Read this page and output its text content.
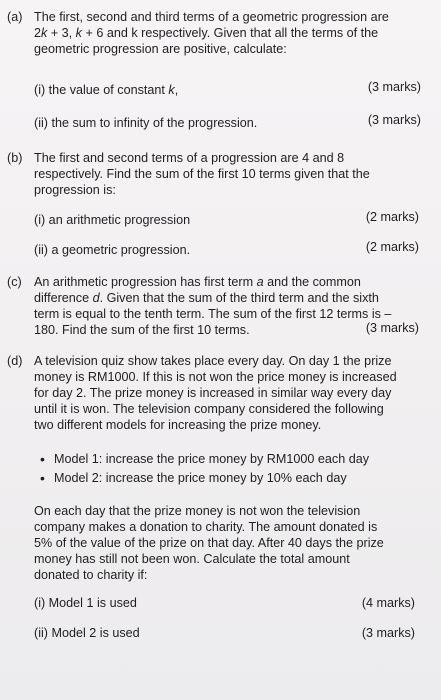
(a) The first, second and third terms of a geometric progression are
2k + 3, k + 6 and k respectively. Given that all the terms of the
geometric progression are positive, calculate:
(i) the value of constant k,	(3 marks)
(ii) the sum to infinity of the progression.	(3 marks)
(b) The first and second terms of a progression are 4 and 8
respectively. Find the sum of the first 10 terms given that the
progression is:
(i) an arithmetic progression	(2 marks)
(ii) a geometric progression.	(2 marks)
(c) An arithmetic progression has first term a and the common
difference d. Given that the sum of the third term and the sixth
term is equal to the tenth term. The sum of the first 12 terms is –
180. Find the sum of the first 10 terms.	(3 marks)
(d) A television quiz show takes place every day. On day 1 the prize
money is RM1000. If this is not won the price money is increased
for day 2. The prize money is increased in similar way every day
until it is won. The television company considered the following
two different models for increasing the prize money.
• Model 1: increase the price money by RM1000 each day
• Model 2: increase the price money by 10% each day
On each day that the prize money is not won the television
company makes a donation to charity. The amount donated is
5% of the value of the prize on that day. After 40 days the prize
money has still not been won. Calculate the total amount
donated to charity if:
(i) Model 1 is used	(4 marks)
(ii) Model 2 is used	(3 marks)
